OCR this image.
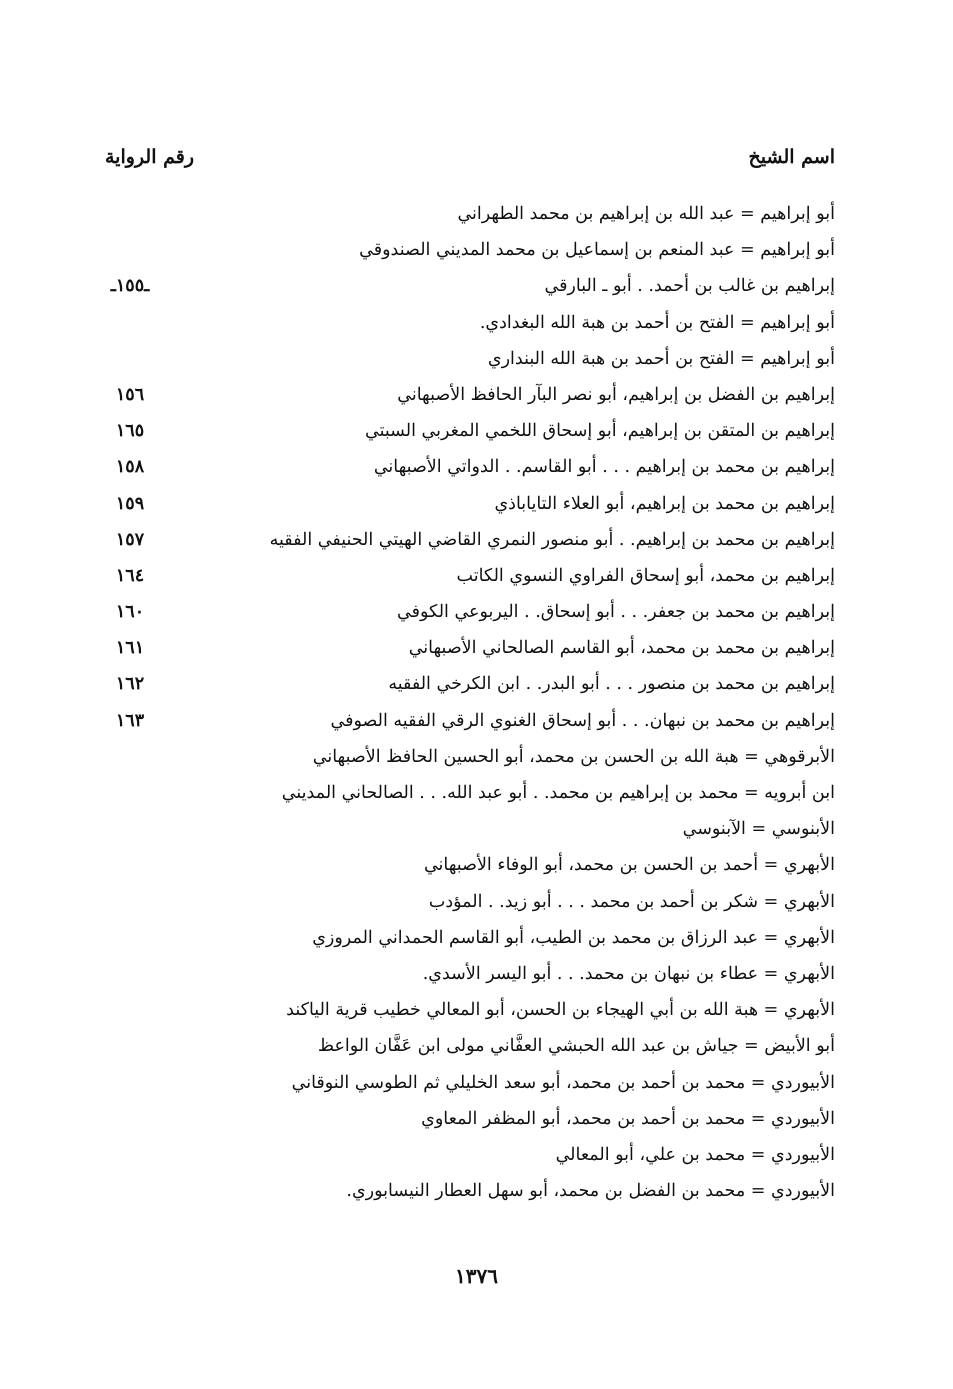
اسم الشيخ
رقم الرواية
أبو إبراهيم = عبد الله بن إبراهيم بن محمد الطهراني
أبو إبراهيم = عبد المنعم بن إسماعيل بن محمد المديني الصندوقي
إبراهيم بن غالب بن أحمد. . أبو ـ البارقي
ـ١٥٥ـ
أبو إبراهيم = الفتح بن أحمد بن هبة الله البغدادي.
أبو إبراهيم = الفتح بن أحمد بن هبة الله البنداري
إبراهيم بن الفضل بن إبراهيم، أبو نصر البآر الحافظ الأصبهاني
١٥٦
إبراهيم بن المتقن بن إبراهيم، أبو إسحاق اللخمي المغربي السبتي
١٦٥
إبراهيم بن محمد بن إبراهيم . . . أبو القاسم. . الدواتي الأصبهاني
١٥٨
إبراهيم بن محمد بن إبراهيم، أبو العلاء التاياباذي
١٥٩
إبراهيم بن محمد بن إبراهيم. . أبو منصور النمري القاضي الهيتي الحنيفي الفقيه
١٥٧
إبراهيم بن محمد، أبو إسحاق الفراوي النسوي الكاتب
١٦٤
إبراهيم بن محمد بن جعفر. . . أبو إسحاق. . اليربوعي الكوفي
١٦٠
إبراهيم بن محمد بن محمد، أبو القاسم الصالحاني الأصبهاني
١٦١
إبراهيم بن محمد بن منصور . . . أبو البدر. . ابن الكرخي الفقيه
١٦٢
إبراهيم بن محمد بن نبهان. . . أبو إسحاق الغنوي الرقي الفقيه الصوفي
١٦٣
الأبرقوهي = هبة الله بن الحسن بن محمد، أبو الحسين الحافظ الأصبهاني
ابن أبرويه = محمد بن إبراهيم بن محمد. . أبو عبد الله. . . الصالحاني المديني
الأبنوسي = الآبنوسي
الأبهري = أحمد بن الحسن بن محمد، أبو الوفاء الأصبهاني
الأبهري = شكر بن أحمد بن محمد . . . أبو زيد. . المؤدب
الأبهري = عبد الرزاق بن محمد بن الطيب، أبو القاسم الحمداني المروزي
الأبهري = عطاء بن نبهان بن محمد. . . أبو اليسر الأسدي.
الأبهري = هبة الله بن أبي الهيجاء بن الحسن، أبو المعالي خطيب قرية الياكند
أبو الأبيض = جياش بن عبد الله الحبشي العفَّاني مولى ابن عَفَّان الواعظ
الأبيوردي = محمد بن أحمد بن محمد، أبو سعد الخليلي ثم الطوسي النوقاني
الأبيوردي = محمد بن أحمد بن محمد، أبو المظفر المعاوي
الأبيوردي = محمد بن علي، أبو المعالي
الأبيوردي = محمد بن الفضل بن محمد، أبو سهل العطار النيسابوري.
١٣٧٦
